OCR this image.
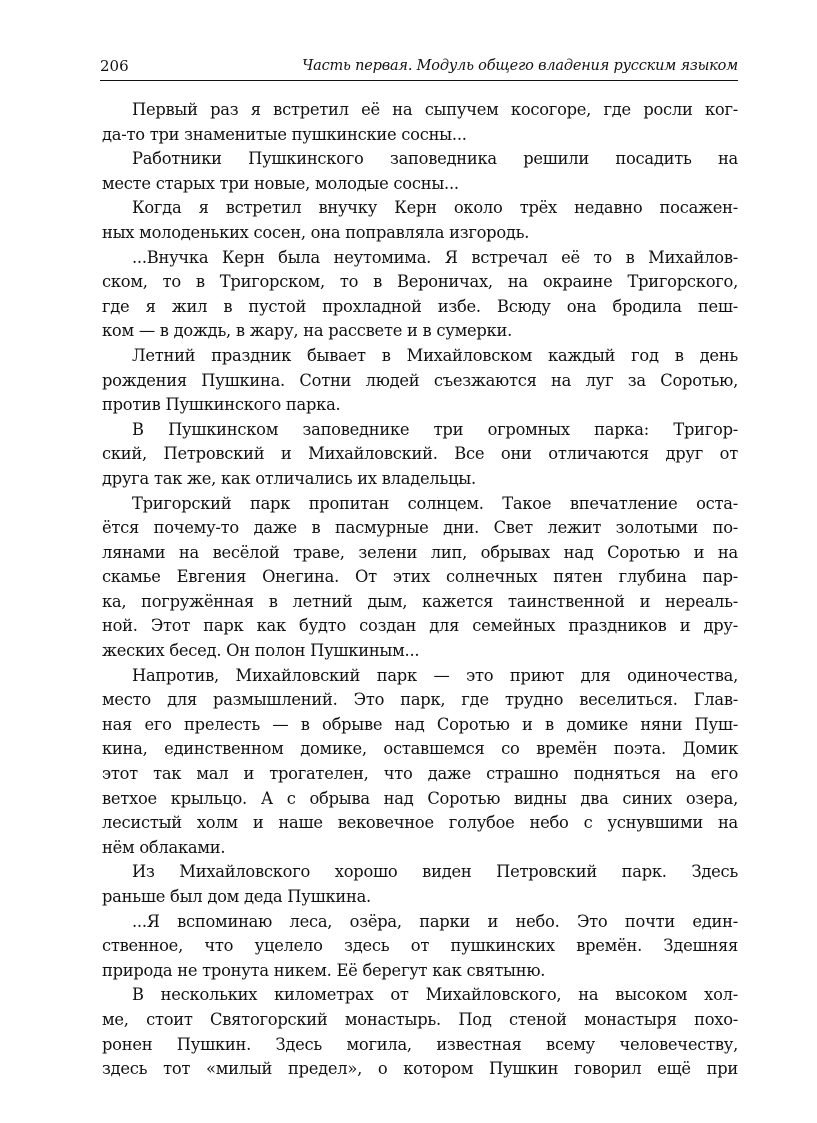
206	Часть первая. Модуль общего владения русским языком
Первый раз я встретил её на сыпучем косогоре, где росли ког-
да-то три знаменитые пушкинские сосны...
Работники Пушкинского заповедника решили посадить на
месте старых три новые, молодые сосны...
Когда я встретил внучку Керн около трёх недавно посажен-
ных молоденьких сосен, она поправляла изгородь.
...Внучка Керн была неутомима. Я встречал её то в Михайлов-
ском, то в Тригорском, то в Вероничах, на окраине Тригорского,
где я жил в пустой прохладной избе. Всюду она бродила пеш-
ком — в дождь, в жару, на рассвете и в сумерки.
Летний праздник бывает в Михайловском каждый год в день
рождения Пушкина. Сотни людей съезжаются на луг за Соротью,
против Пушкинского парка.
В Пушкинском заповеднике три огромных парка: Тригор-
ский, Петровский и Михайловский. Все они отличаются друг от
друга так же, как отличались их владельцы.
Тригорский парк пропитан солнцем. Такое впечатление оста-
ётся почему-то даже в пасмурные дни. Свет лежит золотыми по-
лянами на весёлой траве, зелени лип, обрывах над Соротью и на
скамье Евгения Онегина. От этих солнечных пятен глубина пар-
ка, погружённая в летний дым, кажется таинственной и нереаль-
ной. Этот парк как будто создан для семейных праздников и дру-
жеских бесед. Он полон Пушкиным...
Напротив, Михайловский парк — это приют для одиночества,
место для размышлений. Это парк, где трудно веселиться. Глав-
ная его прелесть — в обрыве над Соротью и в домике няни Пуш-
кина, единственном домике, оставшемся со времён поэта. Домик
этот так мал и трогателен, что даже страшно подняться на его
ветхое крыльцо. А с обрыва над Соротью видны два синих озера,
лесистый холм и наше вековечное голубое небо с уснувшими на
нём облаками.
Из Михайловского хорошо виден Петровский парк. Здесь
раньше был дом деда Пушкина.
...Я вспоминаю леса, озёра, парки и небо. Это почти един-
ственное, что уцелело здесь от пушкинских времён. Здешняя
природа не тронута никем. Её берегут как святыню.
В нескольких километрах от Михайловского, на высоком хол-
ме, стоит Святогорский монастырь. Под стеной монастыря похо-
ронен Пушкин. Здесь могила, известная всему человечеству,
здесь тот «милый предел», о котором Пушкин говорил ещё при
